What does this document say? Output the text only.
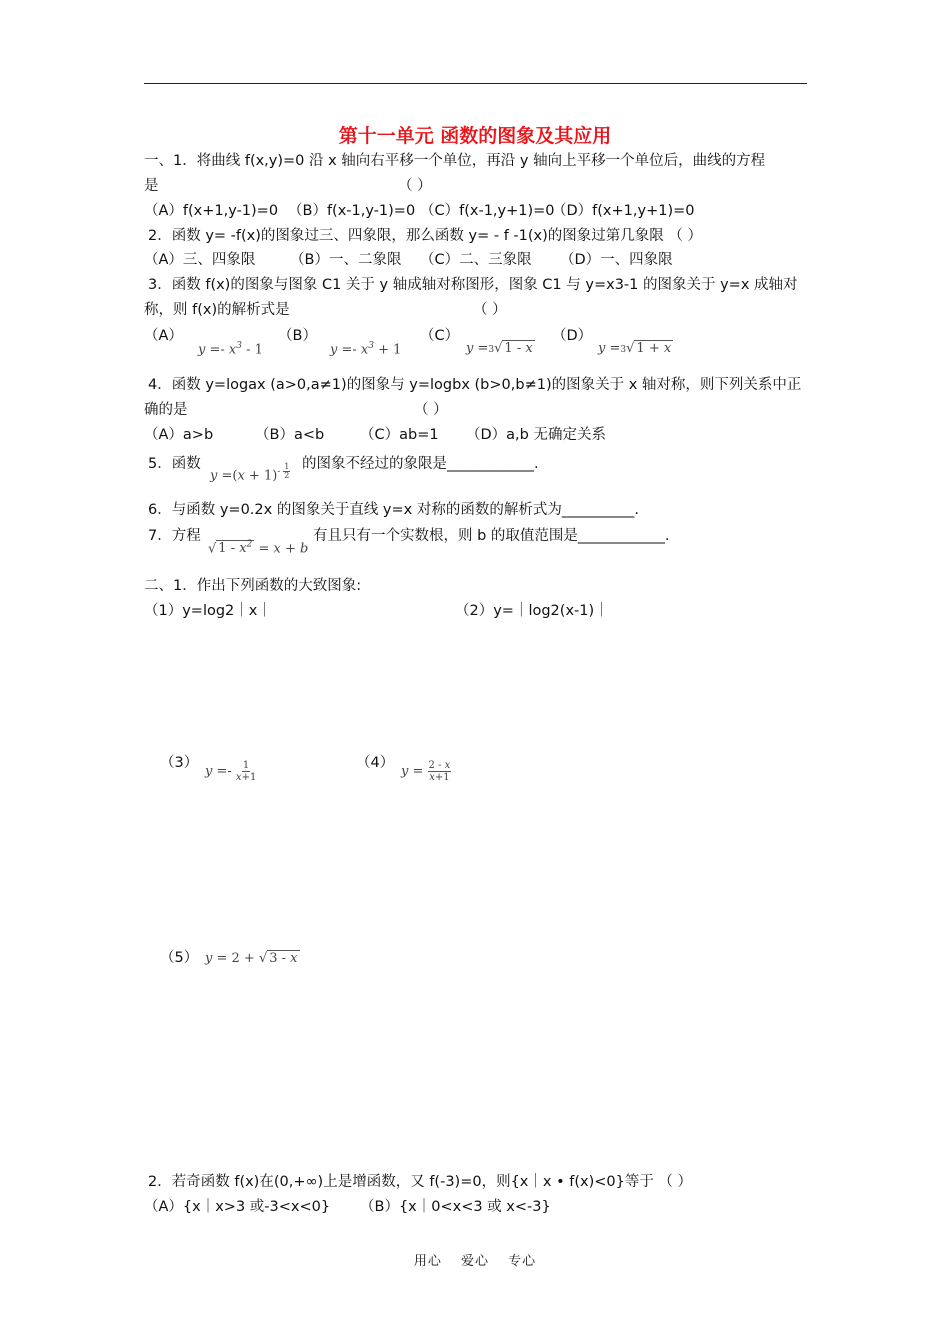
第十一单元 函数的图象及其应用
一、1．将曲线 f(x,y)=0 沿 x 轴向右平移一个单位，再沿 y 轴向上平移一个单位后，曲线的方程
是	（ ）
（A）f(x+1,y-1)=0 （B）f(x-1,y-1)=0 （C）f(x-1,y+1)=0
（D）f(x+1,y+1)=0
2．函数 y= -f(x)的图象过三、四象限，那么函数 y= - f -1(x)的图象过第几象限 （ ）
（A）三、四象限 （B）一、二象限 （C）二、三象限 （D）一、四象限
3．函数 f(x)的图象与图象 C1 关于 y 轴成轴对称图形，图象 C1 与 y=x3-1 的图象关于 y=x 成轴对
称，则 f(x)的解析式是	（ ）
（A）
$y =- x^3 - 1$
（B）
$y =- x^3 + 1$
（C）
y =3√ 1 - x
（D）
y =3√ 1 + x
4．函数 y=logax (a>0,a≠1)的图象与 y=logbx (b>0,b≠1)的图象关于 x 轴对称，则下列关系中正
确的是	（ ）
（A）a>b	（B）a<b （C）ab=1 （D）a,b 无确定关系
5．函数
$y =(x + 1)^{- \frac{1}{2}}$ 的图象不经过的象限是____________.
6．与函数 y=0.2x 的图象关于直线 y=x 对称的函数的解析式为__________.
7．方程
√ $1 - x^2 = x + b$
有且只有一个实数根，则 b 的取值范围是____________.
二、1．作出下列函数的大致图象:
（1）y=log2｜x｜	（2）y=｜log2(x-1)｜
（3）
$y =- \frac{1}{x+1}$	（4）
$y = \frac{2 - x}{x+1}$
（5） y = 2 + √ 3 - x
2．若奇函数 f(x)在(0,+∞)上是增函数，又 f(-3)=0，则{x｜x • f(x)<0}等于 （ ）
（A）{x｜x>3 或-3<x<0} （B）{x｜0<x<3 或 x<-3}
用心 爱心 专心
